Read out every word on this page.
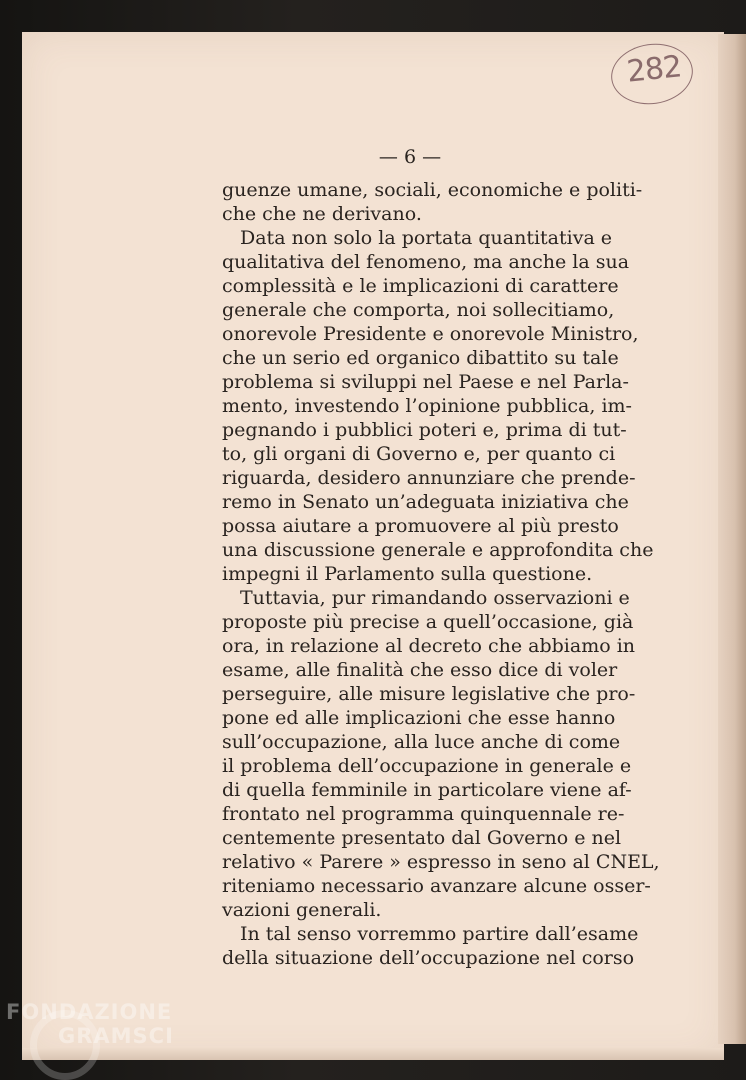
282
— 6 —
guenze umane, sociali, economiche e politi-
che che ne derivano.
Data non solo la portata quantitativa e
qualitativa del fenomeno, ma anche la sua
complessità e le implicazioni di carattere
generale che comporta, noi sollecitiamo,
onorevole Presidente e onorevole Ministro,
che un serio ed organico dibattito su tale
problema si sviluppi nel Paese e nel Parla-
mento, investendo l’opinione pubblica, im-
pegnando i pubblici poteri e, prima di tut-
to, gli organi di Governo e, per quanto ci
riguarda, desidero annunziare che prende-
remo in Senato un’adeguata iniziativa che
possa aiutare a promuovere al più presto
una discussione generale e approfondita che
impegni il Parlamento sulla questione.
Tuttavia, pur rimandando osservazioni e
proposte più precise a quell’occasione, già
ora, in relazione al decreto che abbiamo in
esame, alle finalità che esso dice di voler
perseguire, alle misure legislative che pro-
pone ed alle implicazioni che esse hanno
sull’occupazione, alla luce anche di come
il problema dell’occupazione in generale e
di quella femminile in particolare viene af-
frontato nel programma quinquennale re-
centemente presentato dal Governo e nel
relativo « Parere » espresso in seno al CNEL,
riteniamo necessario avanzare alcune osser-
vazioni generali.
In tal senso vorremmo partire dall’esame
della situazione dell’occupazione nel corso
FONDAZIONE
GRAMSCI
